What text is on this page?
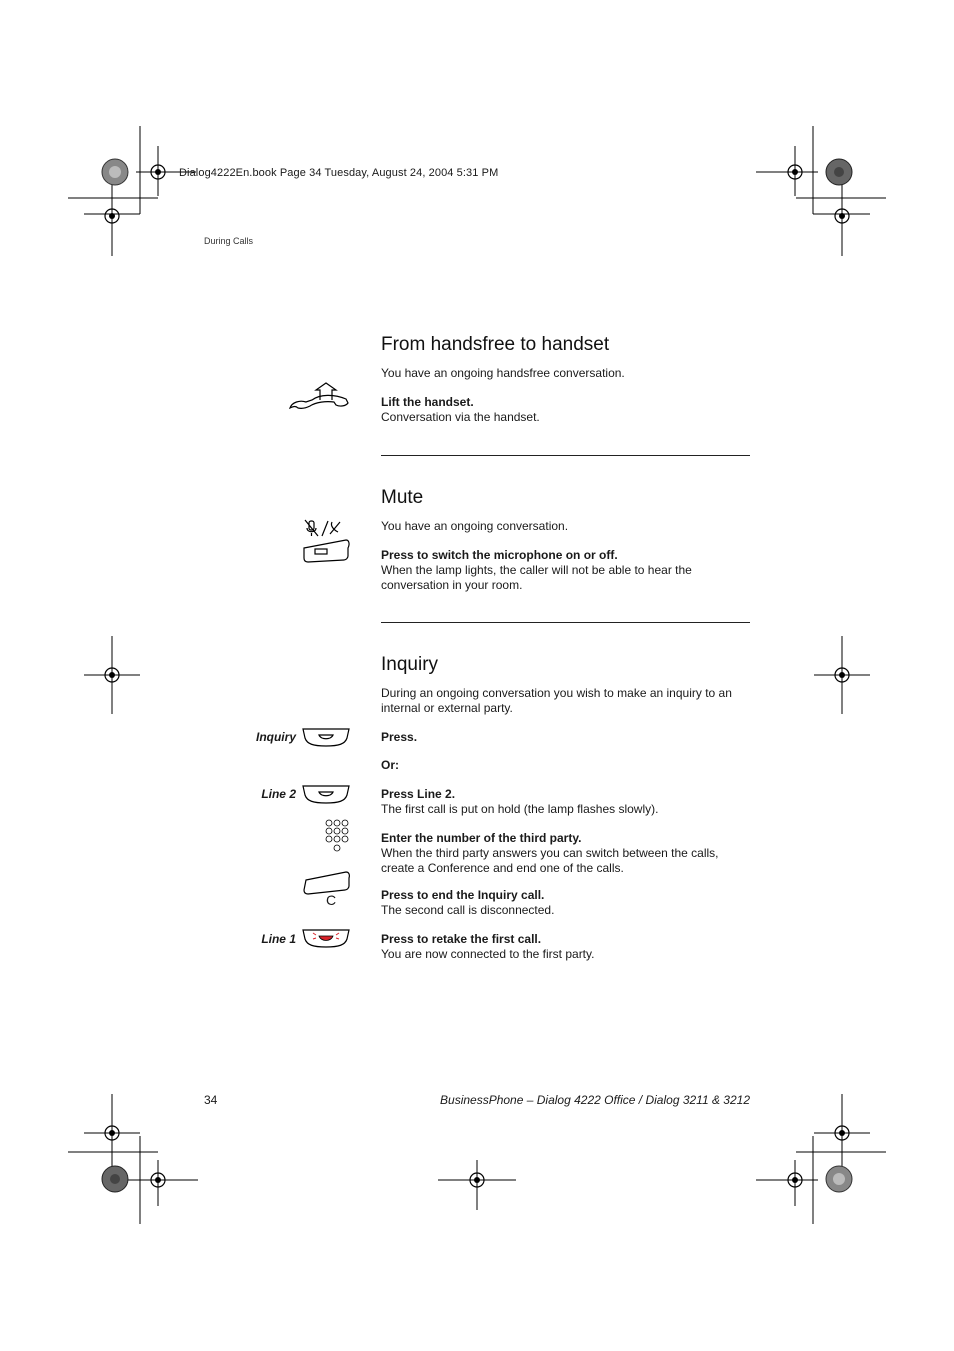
Dialog4222En.book Page 34 Tuesday, August 24, 2004 5:31 PM
During Calls
From handsfree to handset
You have an ongoing handsfree conversation.
Lift the handset.
Conversation via the handset.
Mute
You have an ongoing conversation.
Press to switch the microphone on or off.
When the lamp lights, the caller will not be able to hear the
conversation in your room.
Inquiry
During an ongoing conversation you wish to make an inquiry to an
internal or external party.
Inquiry	Press.
Or:
Line 2	Press Line 2.
The first call is put on hold (the lamp flashes slowly).
Enter the number of the third party.
When the third party answers you can switch between the calls,
create a Conference and end one of the calls.
C	Press to end the Inquiry call.
The second call is disconnected.
Line 1	Press to retake the first call.
You are now connected to the first party.
34	BusinessPhone – Dialog 4222 Office / Dialog 3211 & 3212
